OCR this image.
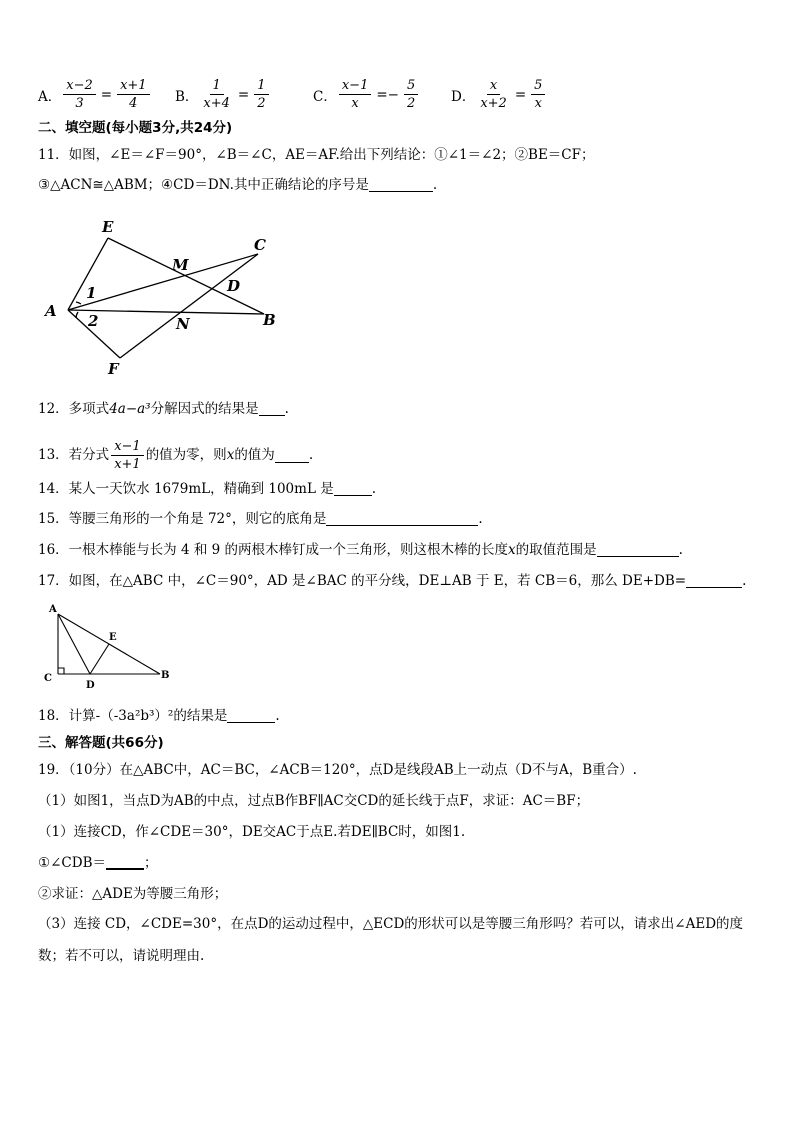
A． $\frac{x-2}{3} = \frac{x+1}{4}$ B． $\frac{1}{x+4} = \frac{1}{2}$	C． $\frac{x-1}{x} =- \frac{5}{2}$ D． $\frac{x}{x+2} = \frac{5}{x}$
二、填空题(每小题3分,共24分)
11．如图，∠E＝∠F＝90°，∠B＝∠C，AE＝AF.给出下列结论：①∠1＝∠2；②BE＝CF；
③△ACN≅△ABM；④CD＝DN.其中正确结论的序号是	.
E
C
M
D
A
1
2	N	B
F
12．多项式4a−a³分解因式的结果是 .
13．若分式 $\frac{x-1}{x+1}$ 的值为零，则 x 的值为	.
14．某人一天饮水 1679mL，精确到 100mL 是	.
15．等腰三角形的一个角是 72°，则它的底角是	.
16．一根木棒能与长为 4 和 9 的两根木棒钉成一个三角形，则这根木棒的长度x的取值范围是	.
17．如图，在△ABC 中，∠C＝90°，AD 是∠BAC 的平分线，DE⊥AB 于 E，若 CB＝6，那么 DE+DB=	.
A
E
C
D
B
18．计算-（-3a²b³）²的结果是	.
三、解答题(共66分)
19．（10分）在△ABC中，AC＝BC，∠ACB＝120°，点D是线段AB上一动点（D不与A，B重合）.
（1）如图1，当点D为AB的中点，过点B作BF∥AC交CD的延长线于点F，求证：AC＝BF；
（1）连接CD，作∠CDE＝30°，DE交AC于点E.若DE∥BC时，如图1.
①∠CDB＝	；
②求证：△ADE为等腰三角形；
（3）连接 CD，∠CDE=30°，在点D的运动过程中，△ECD的形状可以是等腰三角形吗？若可以，请求出∠AED的度
数；若不可以，请说明理由.
